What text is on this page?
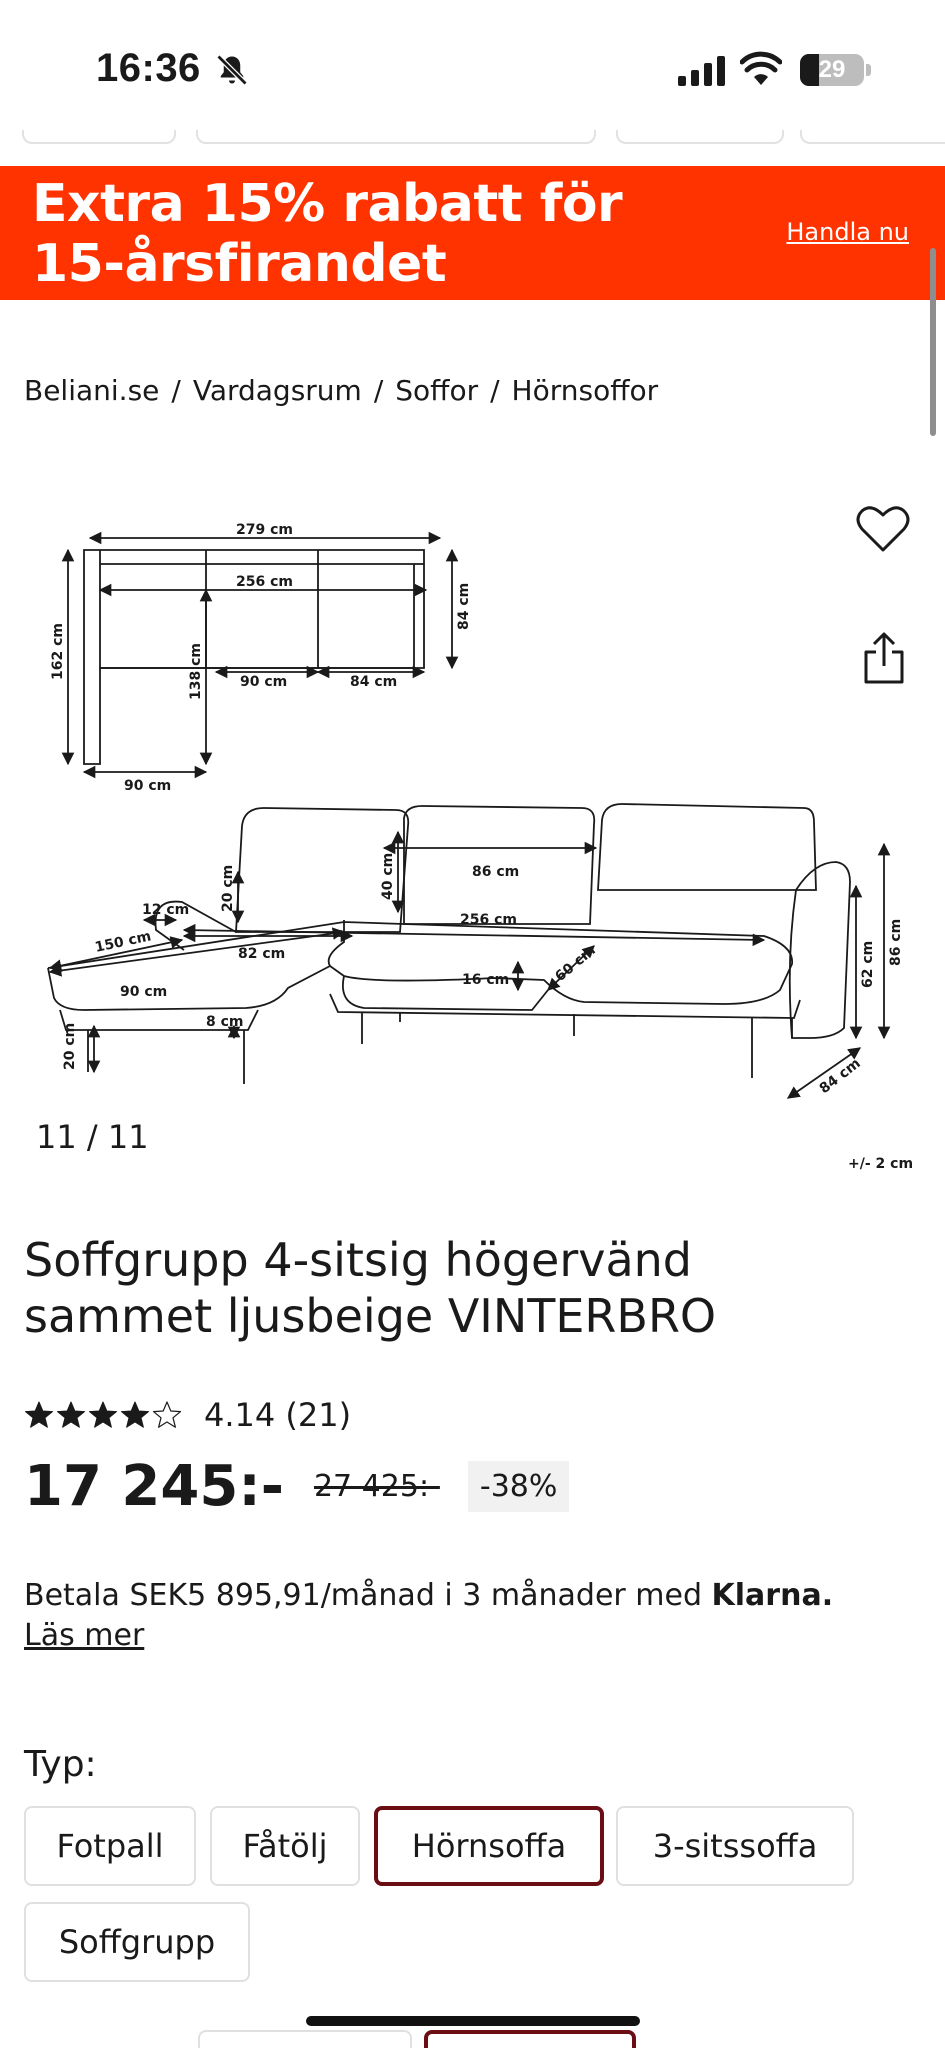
16:36	29
Extra 15% rabatt för
15-årsfirandet
Handla nu
Beliani.se / Vardagsrum / Soffor / Hörnsoffor
279 cm
256 cm
84 cm
162 cm	138 cm	90 cm	84 cm
90 cm
86 cm
40 cm
20 cm
12 cm
150 cm
256 cm
82 cm
90 cm
16 cm	60 cm	62 cm 86 cm
84 cm
8 cm
20 cm
11 / 11
+/- 2 cm
Soffgrupp 4-sitsig högervänd
sammet ljusbeige VINTERBRO
4.14 (21)
17 245:- 27 425:-	-38%
Betala SEK5 895,91/månad i 3 månader med Klarna.
Läs mer
Typ:
Fotpall	Fåtölj	Hörnsoffa	3-sitssoffa
Soffgrupp
